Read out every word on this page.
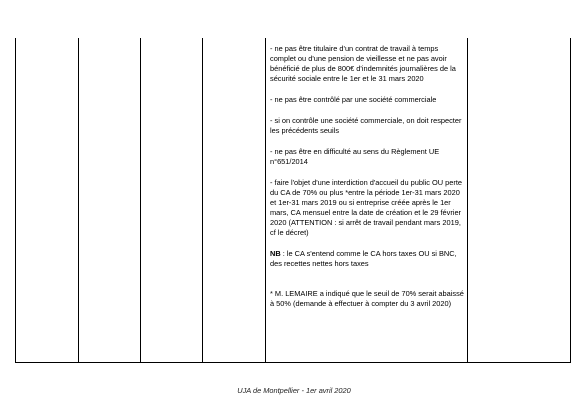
- ne pas être titulaire d'un contrat de travail à temps complet ou d'une pension de vieillesse et ne pas avoir bénéficié de plus de 800€ d'indemnités journalières de la sécurité sociale entre le 1er et le 31 mars 2020

- ne pas être contrôlé par une société commerciale

- si on contrôle une société commerciale, on doit respecter les précédents seuils

- ne pas être en difficulté au sens du Règlement UE n°651/2014

- faire l'objet d'une interdiction d'accueil du public OU perte du CA de 70% ou plus *entre la période 1er-31 mars 2020 et 1er-31 mars 2019 ou si entreprise créée après le 1er mars, CA mensuel entre la date de création et le 29 février 2020 (ATTENTION : si arrêt de travail pendant mars 2019, cf le décret)

NB : le CA s'entend comme le CA hors taxes OU si BNC, des recettes nettes hors taxes

* M. LEMAIRE a indiqué que le seuil de 70% serait abaissé à 50% (demande à effectuer à compter du 3 avril 2020)

UJA de Montpellier - 1er avril 2020
